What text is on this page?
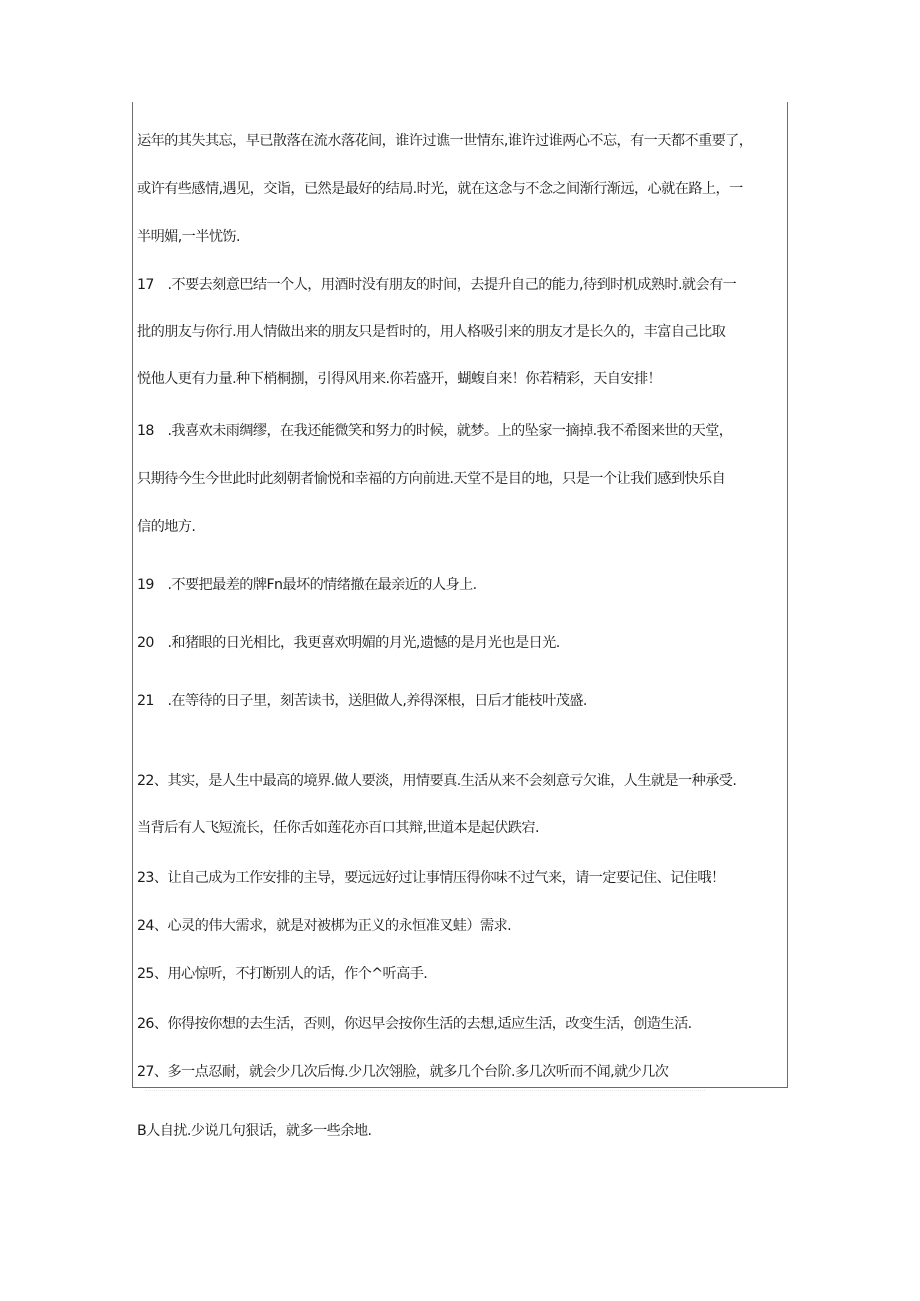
运年的其失其忘，早已散落在流水落花间，谁许过谯一世情东,谁许过谁两心不忘，有一天都不重要了，
或许有些感情,遇见，交诣，已然是最好的结局.时光，就在这念与不念之间渐行渐远，心就在路上，一
半明媚,一半忧饬.
17　.不要去刻意巴结一个人，用酒时没有朋友的时间，去提升自己的能力,待到时机成熟时.就会有一
批的朋友与你行.用人情做出来的朋友只是哲时的，用人格吸引来的朋友才是长久的，丰富自己比取
悦他人更有力量.种下梢桐捌，引得风用来.你若盛开，蝴蝮自来！你若精彩，天自安排！
18　.我喜欢未雨绸缪，在我还能微笑和努力的时候，就梦。上的坠家一摘掉.我不希图来世的天堂，
只期待今生今世此时此刻朝者愉悦和幸福的方向前进.天堂不是目的地，只是一个让我们感到快乐自
信的地方.
19　.不要把最差的牌Fn最坏的情绪撤在最亲近的人身上.
20　.和猪眼的日光相比，我更喜欢明媚的月光,遗憾的是月光也是日光.
21　.在等待的日子里，刻苦读书，送胆做人,养得深根，日后才能枝叶茂盛.
22、其实，是人生中最高的境界.做人要淡，用情要真.生活从来不会刻意亏欠谁，人生就是一种承受.
当背后有人飞短流长，任你舌如莲花亦百口其辩,世道本是起伏跌宕.
23、让自己成为工作安排的主导，要远远好过让事情压得你味不过气来，请一定要记住、记住哦！
24、心灵的伟大需求，就是对被梆为正义的永恒准叉蛙）需求.
25、用心惊听，不打断别人的话，作个^听高手.
26、你得按你想的去生活，否则，你迟早会按你生活的去想,适应生活，改变生活，创造生活.
27、多一点忍耐，就会少几次后悔.少几次翎脸，就多几个台阶.多几次听而不闻,就少几次
B人自扰.少说几句狠话，就多一些余地.
